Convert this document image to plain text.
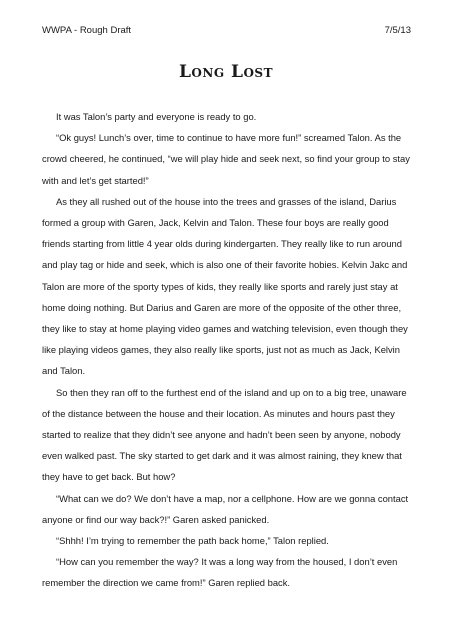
WWPA - Rough Draft	7/5/13
Long Lost

It was Talon’s party and everyone is ready to go.

“Ok guys! Lunch’s over, time to continue to have more fun!” screamed Talon. As the crowd cheered, he continued, “we will play hide and seek next, so find your group to stay with and let’s get started!”

As they all rushed out of the house into the trees and grasses of the island, Darius formed a group with Garen, Jack, Kelvin and Talon. These four boys are really good friends starting from little 4 year olds during kindergarten. They really like to run around and play tag or hide and seek, which is also one of their favorite hobies. Kelvin Jakc and Talon are more of the sporty types of kids, they really like sports and rarely just stay at home doing nothing. But Darius and Garen are more of the opposite of the other three, they like to stay at home playing video games and watching television, even though they like playing videos games, they also really like sports, just not as much as Jack, Kelvin and Talon.

So then they ran off to the furthest end of the island and up on to a big tree, unaware of the distance between the house and their location. As minutes and hours past they started to realize that they didn’t see anyone and hadn’t been seen by anyone, nobody even walked past. The sky started to get dark and it was almost raining, they knew that they have to get back. But how?

“What can we do? We don’t have a map, nor a cellphone. How are we gonna contact anyone or find our way back?!” Garen asked panicked.

“Shhh! I’m trying to remember the path back home,” Talon replied.

“How can you remember the way? It was a long way from the housed, I don’t even remember the direction we came from!” Garen replied back.
